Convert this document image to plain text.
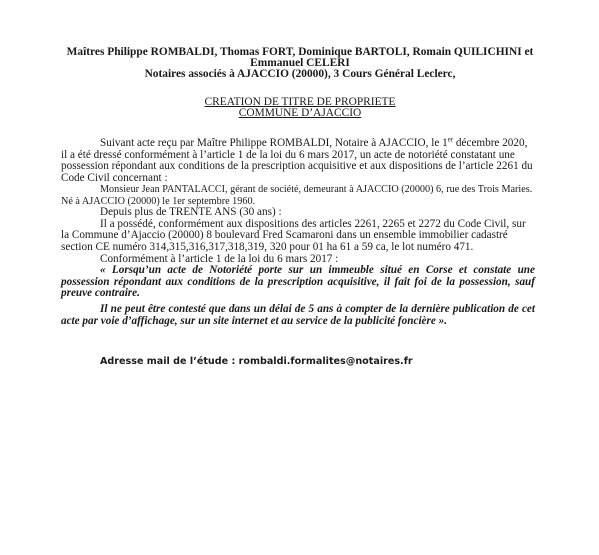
Maîtres Philippe ROMBALDI, Thomas FORT, Dominique BARTOLI, Romain QUILICHINI et
Emmanuel CELERI
Notaires associés à AJACCIO (20000), 3 Cours Général Leclerc,
CREATION DE TITRE DE PROPRIETE
COMMUNE D’AJACCIO

Suivant acte reçu par Maître Philippe ROMBALDI, Notaire à AJACCIO, le 1er décembre 2020, il a été dressé conformément à l’article 1 de la loi du 6 mars 2017, un acte de notoriété constatant une possession répondant aux conditions de la prescription acquisitive et aux dispositions de l’article 2261 du Code Civil concernant :

Monsieur Jean PANTALACCI, gérant de société, demeurant à AJACCIO (20000) 6, rue des Trois Maries. Né à AJACCIO (20000) le 1er septembre 1960.

Depuis plus de TRENTE ANS (30 ans) :

Il a possédé, conformément aux dispositions des articles 2261, 2265 et 2272 du Code Civil, sur la Commune d’Ajaccio (20000) 8 boulevard Fred Scamaroni dans un ensemble immobilier cadastré section CE numéro 314,315,316,317,318,319, 320 pour 01 ha 61 a 59 ca, le lot numéro 471.

Conformément à l’article 1 de la loi du 6 mars 2017 :

« Lorsqu’un acte de Notoriété porte sur un immeuble situé en Corse et constate une possession répondant aux conditions de la prescription acquisitive, il fait foi de la possession, sauf preuve contraire.

Il ne peut être contesté que dans un délai de 5 ans à compter de la dernière publication de cet acte par voie d’affichage, sur un site internet et au service de la publicité foncière ».

Adresse mail de l’étude : rombaldi.formalites@notaires.fr
